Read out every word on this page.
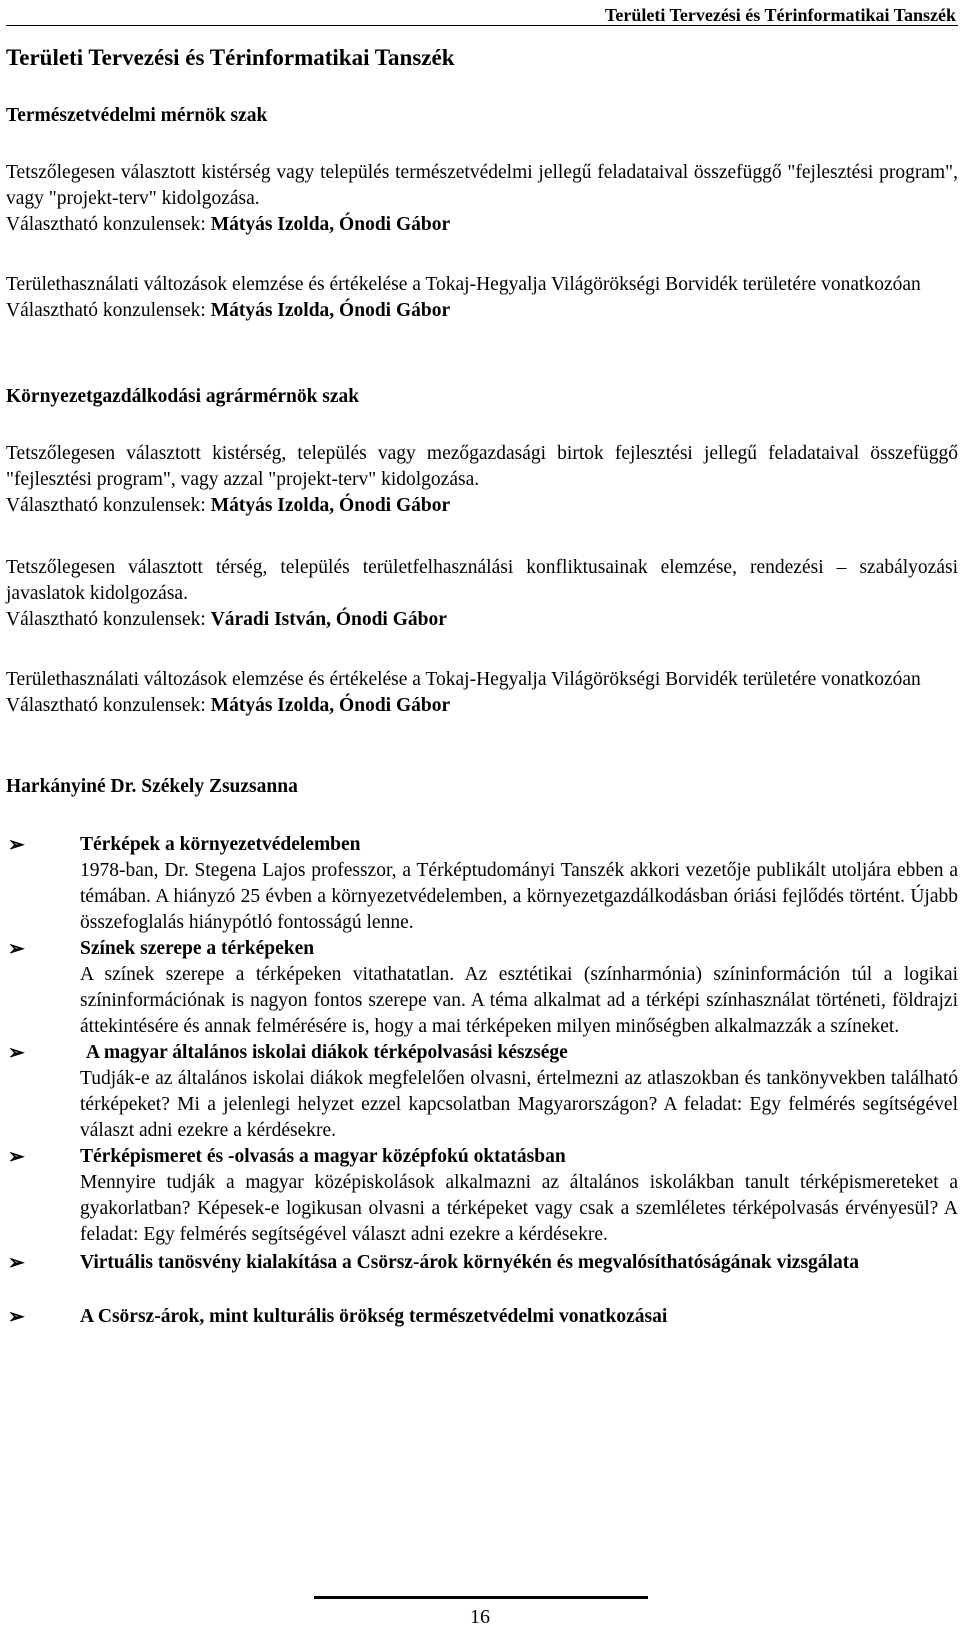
Területi Tervezési és Térinformatikai Tanszék
Területi Tervezési és Térinformatikai Tanszék

Természetvédelmi mérnök szak

Tetszőlegesen választott kistérség vagy település természetvédelmi jellegű feladataival összefüggő "fejlesztési program", vagy "projekt-terv" kidolgozása.

Választható konzulensek: Mátyás Izolda, Ónodi Gábor

Területhasználati változások elemzése és értékelése a Tokaj-Hegyalja Világörökségi Borvidék területére vonatkozóan

Választható konzulensek: Mátyás Izolda, Ónodi Gábor

Környezetgazdálkodási agrármérnök szak

Tetszőlegesen választott kistérség, település vagy mezőgazdasági birtok fejlesztési jellegű feladataival összefüggő "fejlesztési program", vagy azzal "projekt-terv" kidolgozása.

Választható konzulensek: Mátyás Izolda, Ónodi Gábor

Tetszőlegesen választott térség, település területfelhasználási konfliktusainak elemzése, rendezési – szabályozási javaslatok kidolgozása.

Választható konzulensek: Váradi István, Ónodi Gábor

Területhasználati változások elemzése és értékelése a Tokaj-Hegyalja Világörökségi Borvidék területére vonatkozóan

Választható konzulensek: Mátyás Izolda, Ónodi Gábor

Harkányiné Dr. Székely Zsuzsanna
➢	Térképek a környezetvédelemben
1978-ban, Dr. Stegena Lajos professzor, a Térképtudományi Tanszék akkori vezetője publikált utoljára ebben a témában. A hiányzó 25 évben a környezetvédelemben, a környezetgazdálkodásban óriási fejlődés történt. Újabb összefoglalás hiánypótló fontosságú lenne.
➢	Színek szerepe a térképeken
A színek szerepe a térképeken vitathatatlan. Az esztétikai (színharmónia) színinformáción túl a logikai színinformációnak is nagyon fontos szerepe van. A téma alkalmat ad a térképi színhasználat történeti, földrajzi áttekintésére és annak felmérésére is, hogy a mai térképeken milyen minőségben alkalmazzák a színeket.
➢	A magyar általános iskolai diákok térképolvasási készsége
Tudják-e az általános iskolai diákok megfelelően olvasni, értelmezni az atlaszokban és tankönyvekben található térképeket? Mi a jelenlegi helyzet ezzel kapcsolatban Magyarországon? A feladat: Egy felmérés segítségével választ adni ezekre a kérdésekre.
➢	Térképismeret és -olvasás a magyar középfokú oktatásban
Mennyire tudják a magyar középiskolások alkalmazni az általános iskolákban tanult térképismereteket a gyakorlatban? Képesek-e logikusan olvasni a térképeket vagy csak a szemléletes térképolvasás érvényesül? A feladat: Egy felmérés segítségével választ adni ezekre a kérdésekre.
➢	Virtuális tanösvény kialakítása a Csörsz-árok környékén és megvalósíthatóságának vizsgálata
➢	A Csörsz-árok, mint kulturális örökség természetvédelmi vonatkozásai
16
